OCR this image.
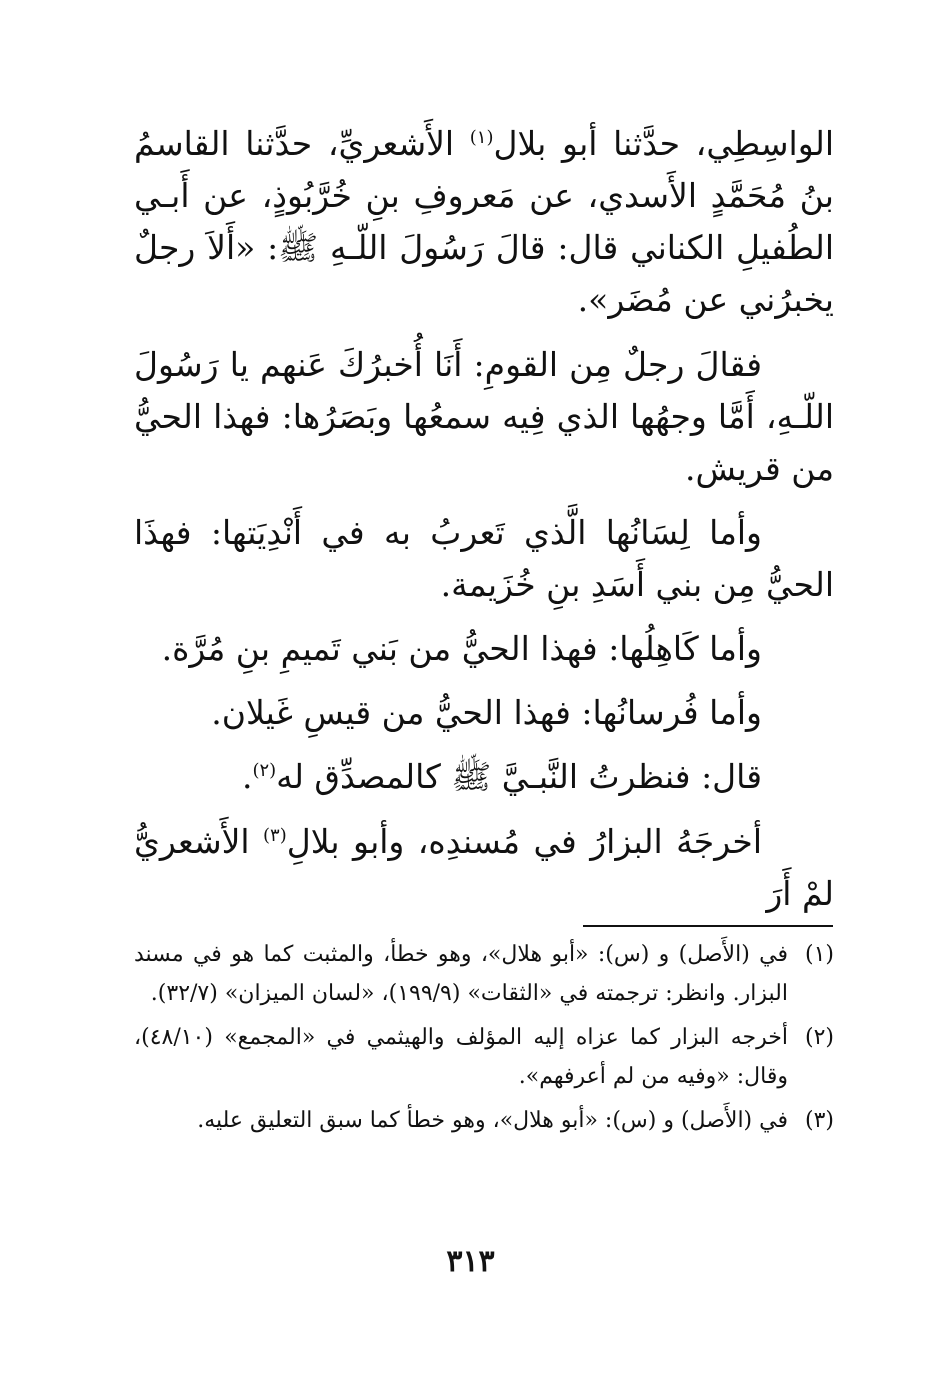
الواسِطِي، حدَّثنا أبو بلال$^{(١)}$ الأَشعريِّ، حدَّثنا القاسمُ بنُ مُحَمَّدٍ الأَسدي، عن مَعروفِ بنِ خُرَّبُوذٍ، عن أَبـي الطُفيلِ الكناني قال: قالَ رَسُولَ اللّـهِ ﷺ: «أَلاَ رجلٌ يخبرُني عن مُضَر».

فقالَ رجلٌ مِن القومِ: أَنَا أُخبرُكَ عَنهم يا رَسُولَ اللّـهِ، أَمَّا وجهُها الذي فِيه سمعُها وبَصَرُها: فهذا الحيُّ من قريش.

وأما لِسَانُها الَّذي تَعربُ به في أَنْدِيَتها: فهذَا الحيُّ مِن بني أَسَدِ بنِ خُزَيمة.

وأما كَاهِلُها: فهذا الحيُّ من بَني تَميمِ بنِ مُرَّة.

وأما فُرسانُها: فهذا الحيُّ من قيسِ غَيلان.

قال: فنظرتُ النَّبـيَّ ﷺ كالمصدِّق له$^{(٢)}$.

أخرجَهُ البزارُ في مُسندِه، وأبو بلالِ$^{(٣)}$ الأَشعريُّ لمْ أَرَ

(١)في (الأَصل) و (س): «أبو هلال»، وهو خطأ، والمثبت كما هو في مسند البزار. وانظر: ترجمته في «الثقات» (١٩٩/٩)، «لسان الميزان» (٣٢/٧).

(٢)أخرجه البزار كما عزاه إليه المؤلف والهيثمي في «المجمع» (٤٨/١٠)، وقال: «وفيه من لم أعرفهم».

(٣)في (الأَصل) و (س): «أبو هلال»، وهو خطأ كما سبق التعليق عليه.

٣١٣
